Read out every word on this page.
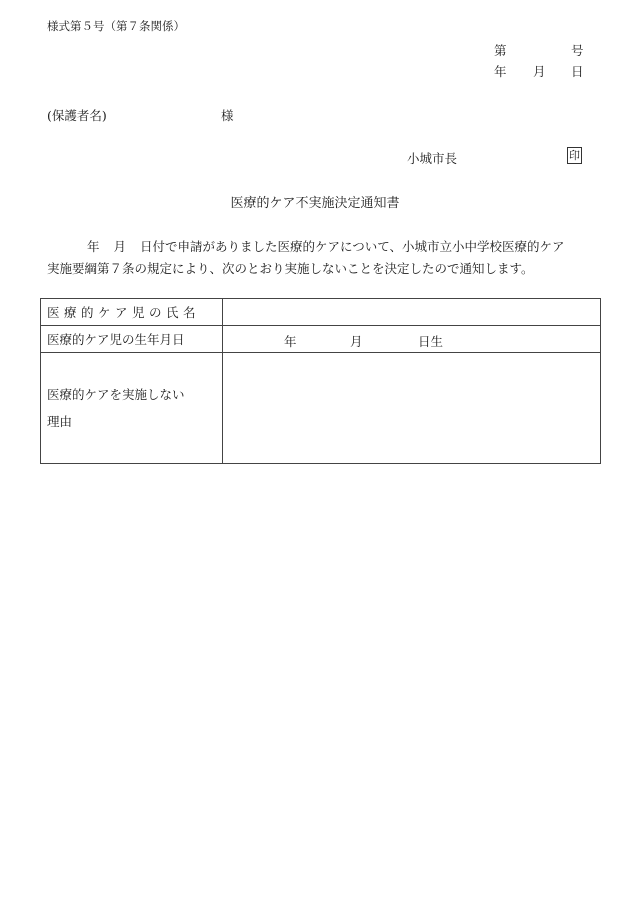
様式第５号（第７条関係）
第	号
年 月 日
(保護者名)	様
小城市長	印
医療的ケア不実施決定通知書
年 月 日付で申請がありました医療的ケアについて、小城市立小中学校医療的ケア
実施要綱第７条の規定により、次のとおり実施しないことを決定したので通知します。
医療的ケア児の氏名	
医療的ケア児の生年月日	年 月 日生

医療的ケアを実施しない
理由	
